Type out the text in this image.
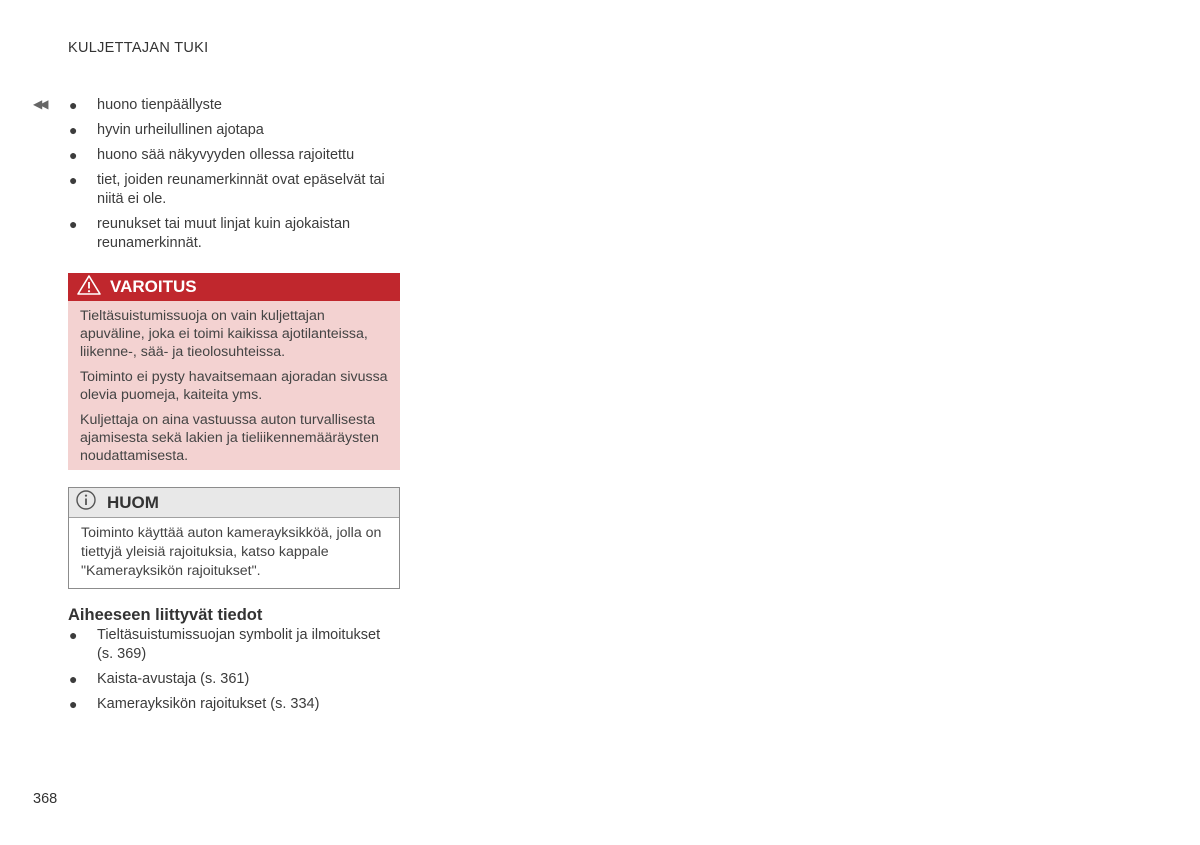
KULJETTAJAN TUKI
◀◀ ● huono tienpäällyste
● hyvin urheilullinen ajotapa
● huono sää näkyvyyden ollessa rajoitettu
● tiet, joiden reunamerkinnät ovat epäselvät tai niitä ei ole.
● reunukset tai muut linjat kuin ajokaistan reunamerkinnät.
VAROITUS

Tieltäsuistumissuoja on vain kuljettajan apuväline, joka ei toimi kaikissa ajotilanteissa, liikenne-, sää- ja tieolosuhteissa.

Toiminto ei pysty havaitsemaan ajoradan sivussa olevia puomeja, kaiteita yms.

Kuljettaja on aina vastuussa auton turvallisesta ajamisesta sekä lakien ja tieliikennemääräysten noudattamisesta.

HUOM

Toiminto käyttää auton kamerayksikköä, jolla on tiettyjä yleisiä rajoituksia, katso kappale "Kamerayksikön rajoitukset".

Aiheeseen liittyvät tiedot
● Tieltäsuistumissuojan symbolit ja ilmoitukset (s. 369)
● Kaista-avustaja (s. 361)
● Kamerayksikön rajoitukset (s. 334)
368
